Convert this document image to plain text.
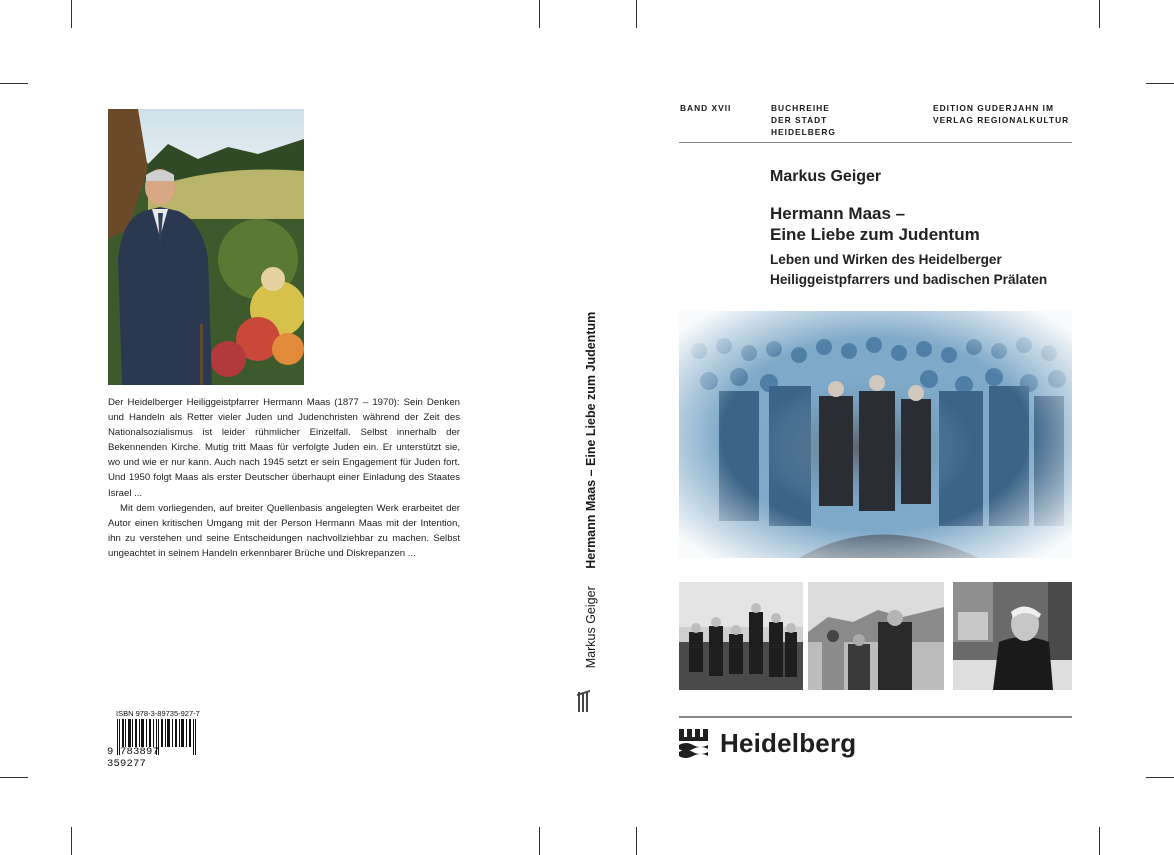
Der Heidelberger Heiliggeistpfarrer Hermann Maas (1877 – 1970): Sein Denken und Handeln als Retter vieler Juden und Judenchristen während der Zeit des Nationalsozialismus ist leider rühmlicher Einzelfall. Selbst innerhalb der Bekennenden Kirche. Mutig tritt Maas für verfolgte Juden ein. Er unterstützt sie, wo und wie er nur kann. Auch nach 1945 setzt er sein Engagement für Juden fort. Und 1950 folgt Maas als erster Deutscher überhaupt einer Einladung des Staates Israel ...

Mit dem vorliegenden, auf breiter Quellenbasis angelegten Werk erarbeitet der Autor einen kritischen Umgang mit der Person Hermann Maas mit der Intention, ihn zu verstehen und seine Entscheidungen nachvollziehbar zu machen. Selbst ungeachtet in seinem Handeln erkennbarer Brüche und Diskrepanzen ...

ISBN 978-3-89735-927-7
9 783897 359277
Markus Geiger Hermann Maas – Eine Liebe zum Judentum
BAND XVII	BUCHREIHE
DER STADT
HEIDELBERG
EDITION GUDERJAHN IM
VERLAG REGIONALKULTUR
Markus Geiger
Hermann Maas –
Eine Liebe zum Judentum
Leben und Wirken des Heidelberger
Heiliggeistpfarrers und badischen Prälaten
Heidelberg
